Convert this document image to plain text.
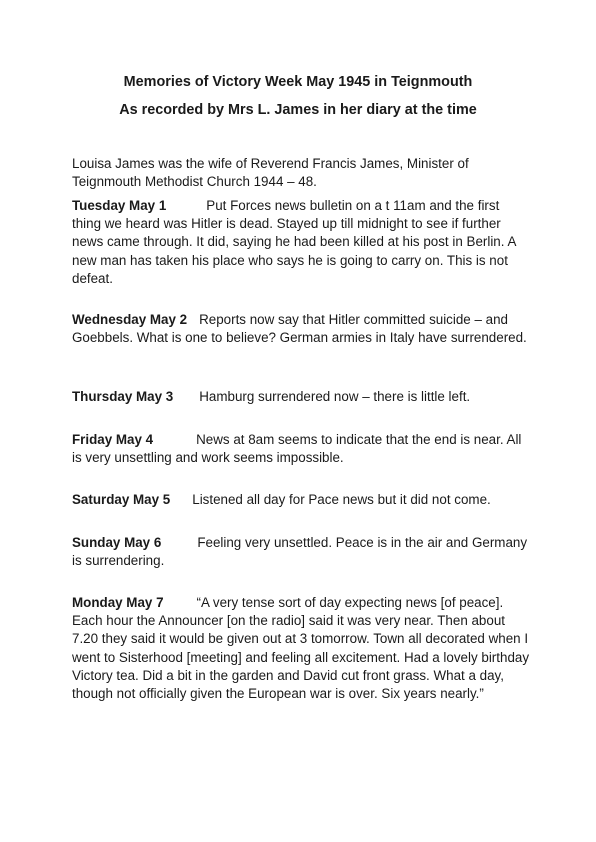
Memories of Victory Week May 1945 in Teignmouth
As recorded by Mrs L. James in her diary at the time

Louisa James was the wife of Reverend Francis James, Minister of Teignmouth Methodist Church 1944 – 48.

Tuesday May 1	Put Forces news bulletin on a t 11am and the first thing we heard was Hitler is dead. Stayed up till midnight to see if further news came through. It did, saying he had been killed at his post in Berlin. A new man has taken his place who says he is going to carry on. This is not defeat.

Wednesday May 2 Reports now say that Hitler committed suicide – and Goebbels. What is one to believe? German armies in Italy have surrendered.

Thursday May 3 Hamburg surrendered now – there is little left.

Friday May 4	News at 8am seems to indicate that the end is near. All is very unsettling and work seems impossible.

Saturday May 5 Listened all day for Pace news but it did not come.

Sunday May 6	Feeling very unsettled. Peace is in the air and Germany is surrendering.

Monday May 7 “A very tense sort of day expecting news [of peace]. Each hour the Announcer [on the radio] said it was very near. Then about 7.20 they said it would be given out at 3 tomorrow. Town all decorated when I went to Sisterhood [meeting] and feeling all excitement. Had a lovely birthday Victory tea. Did a bit in the garden and David cut front grass. What a day, though not officially given the European war is over. Six years nearly.”
